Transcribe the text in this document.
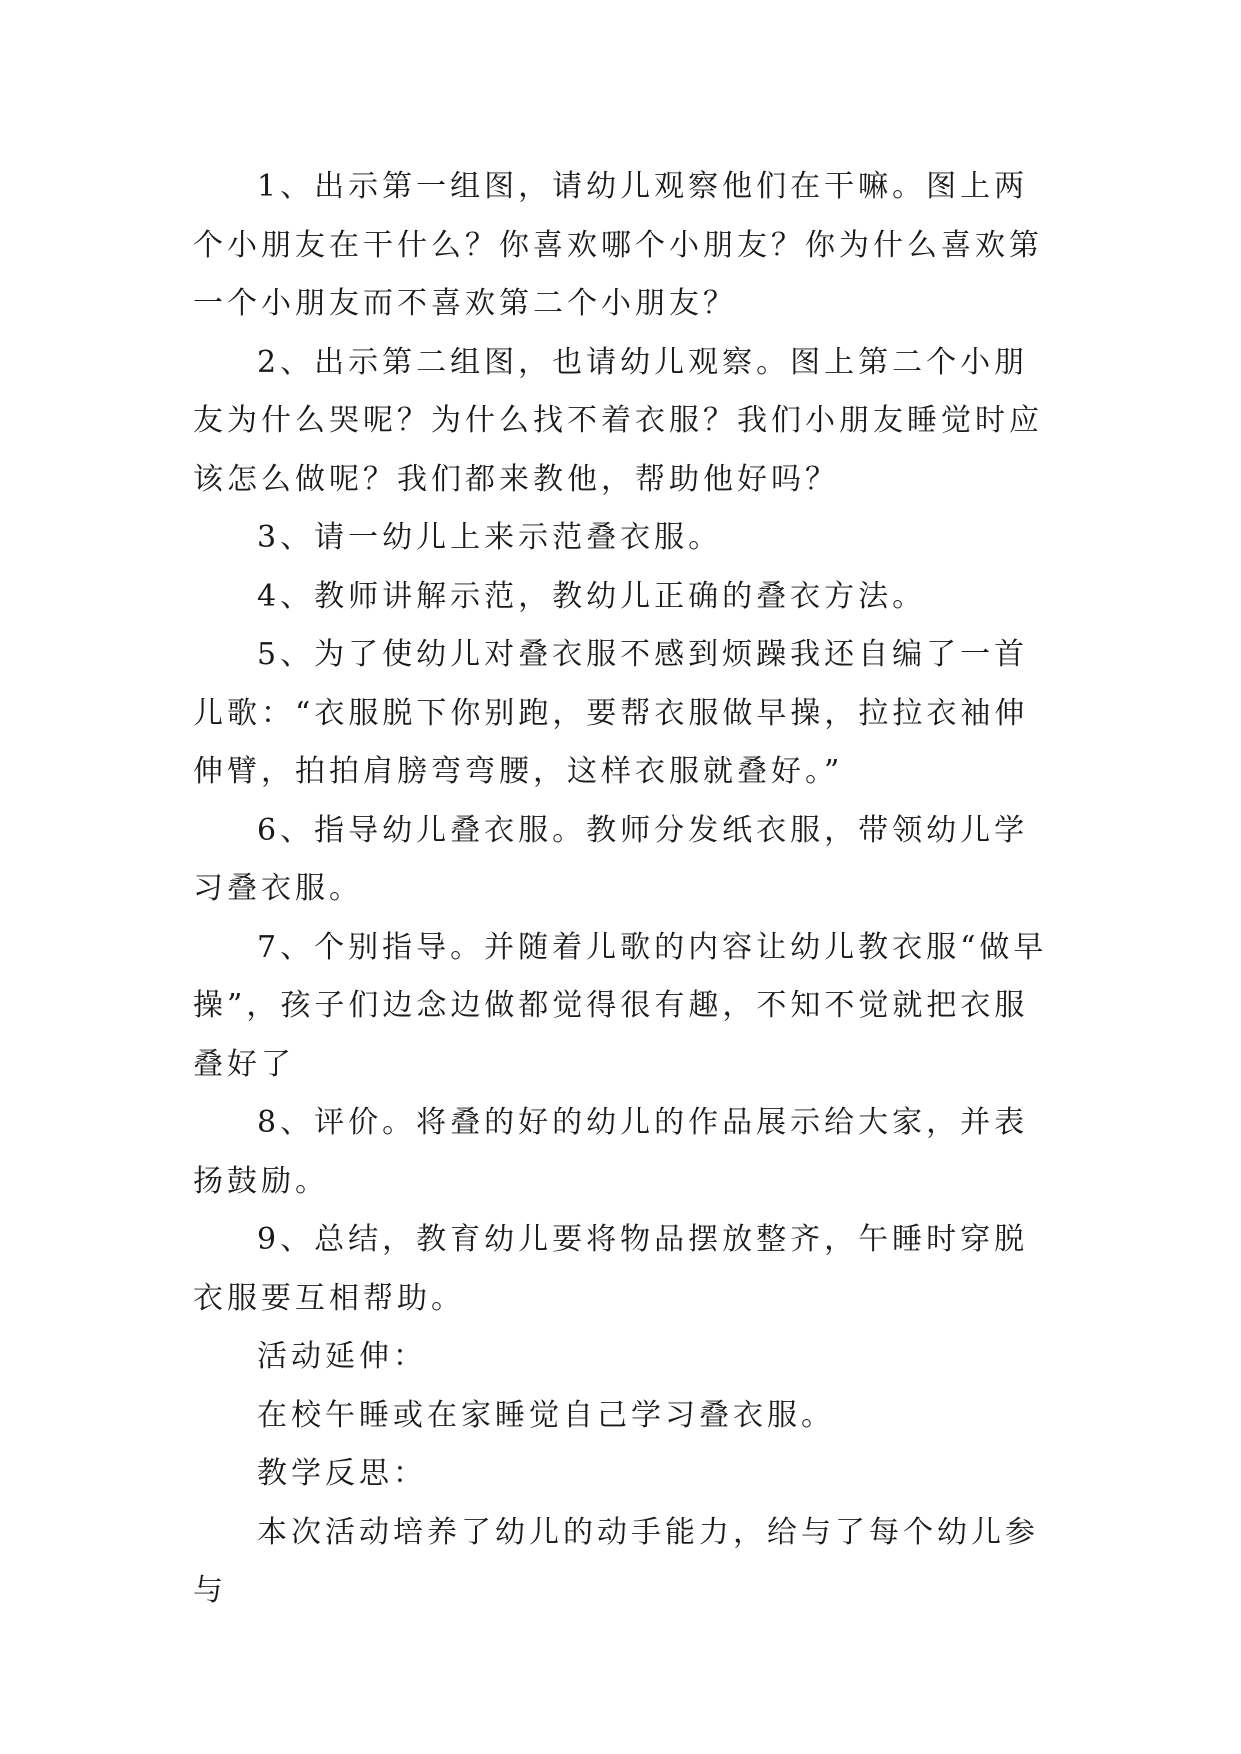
1、出示第一组图，请幼儿观察他们在干嘛。图上两个小朋友在干什么？你喜欢哪个小朋友？你为什么喜欢第一个小朋友而不喜欢第二个小朋友？

2、出示第二组图，也请幼儿观察。图上第二个小朋友为什么哭呢？为什么找不着衣服？我们小朋友睡觉时应该怎么做呢？我们都来教他，帮助他好吗？

3、请一幼儿上来示范叠衣服。

4、教师讲解示范，教幼儿正确的叠衣方法。

5、为了使幼儿对叠衣服不感到烦躁我还自编了一首儿歌：“衣服脱下你别跑，要帮衣服做早操，拉拉衣袖伸伸臂，拍拍肩膀弯弯腰，这样衣服就叠好。”

6、指导幼儿叠衣服。教师分发纸衣服，带领幼儿学习叠衣服。

7、个别指导。并随着儿歌的内容让幼儿教衣服“做早操”，孩子们边念边做都觉得很有趣，不知不觉就把衣服叠好了

8、评价。将叠的好的幼儿的作品展示给大家，并表扬鼓励。

9、总结，教育幼儿要将物品摆放整齐，午睡时穿脱衣服要互相帮助。

活动延伸：

在校午睡或在家睡觉自己学习叠衣服。

教学反思：

本次活动培养了幼儿的动手能力，给与了每个幼儿参与
